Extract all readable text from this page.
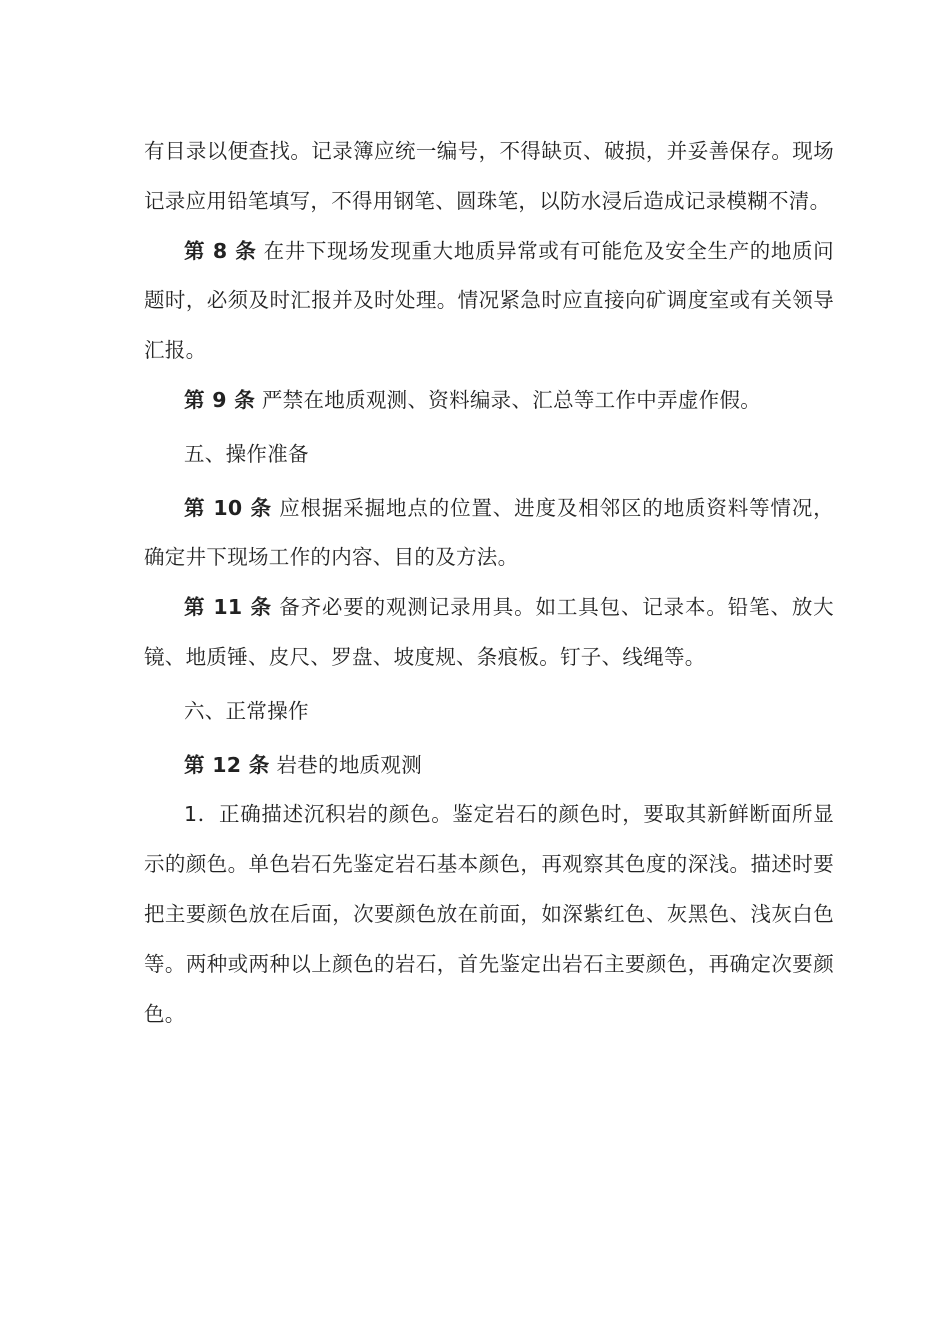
有目录以便查找。记录簿应统一编号，不得缺页、破损，并妥善保存。现场记录应用铅笔填写，不得用钢笔、圆珠笔，以防水浸后造成记录模糊不清。

第 8 条 在井下现场发现重大地质异常或有可能危及安全生产的地质问题时，必须及时汇报并及时处理。情况紧急时应直接向矿调度室或有关领导汇报。

第 9 条 严禁在地质观测、资料编录、汇总等工作中弄虚作假。

五、操作准备

第 10 条 应根据采掘地点的位置、进度及相邻区的地质资料等情况，确定井下现场工作的内容、目的及方法。

第 11 条 备齐必要的观测记录用具。如工具包、记录本。铅笔、放大镜、地质锤、皮尺、罗盘、坡度规、条痕板。钉子、线绳等。

六、正常操作

第 12 条 岩巷的地质观测

1．正确描述沉积岩的颜色。鉴定岩石的颜色时，要取其新鲜断面所显示的颜色。单色岩石先鉴定岩石基本颜色，再观察其色度的深浅。描述时要把主要颜色放在后面，次要颜色放在前面，如深紫红色、灰黑色、浅灰白色等。两种或两种以上颜色的岩石，首先鉴定出岩石主要颜色，再确定次要颜色。
